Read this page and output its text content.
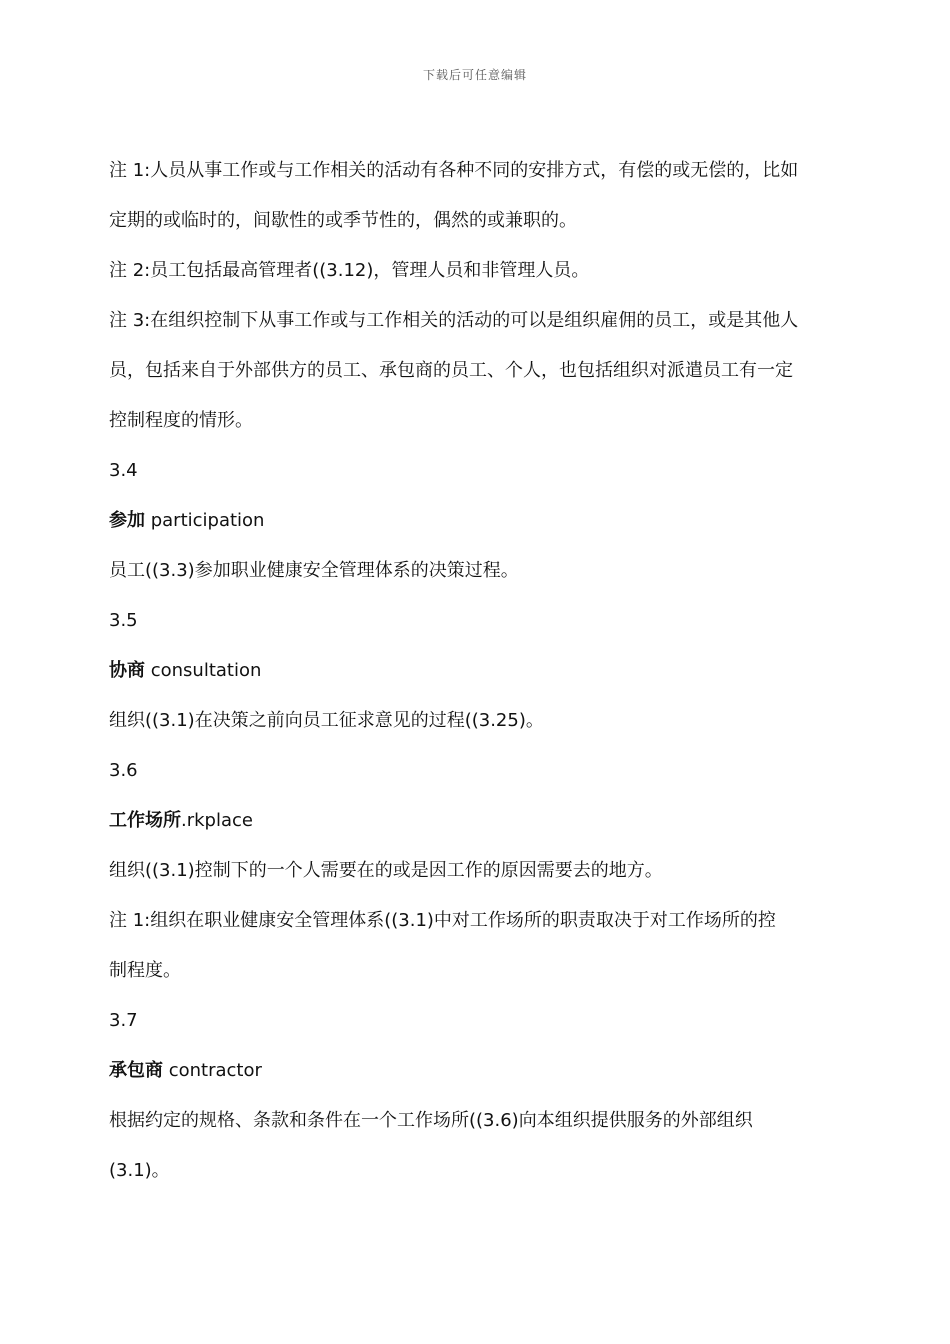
下载后可任意编辑
注 1:人员从事工作或与工作相关的活动有各种不同的安排方式，有偿的或无偿的，比如
定期的或临时的，间歇性的或季节性的，偶然的或兼职的。
注 2:员工包括最高管理者((3.12)，管理人员和非管理人员。
注 3:在组织控制下从事工作或与工作相关的活动的可以是组织雇佣的员工，或是其他人
员，包括来自于外部供方的员工、承包商的员工、个人，也包括组织对派遣员工有一定
控制程度的情形。
3.4
参加 participation
员工((3.3)参加职业健康安全管理体系的决策过程。
3.5
协商 consultation
组织((3.1)在决策之前向员工征求意见的过程((3.25)。
3.6
工作场所.rkplace
组织((3.1)控制下的一个人需要在的或是因工作的原因需要去的地方。
注 1:组织在职业健康安全管理体系((3.1)中对工作场所的职责取决于对工作场所的控
制程度。
3.7
承包商 contractor
根据约定的规格、条款和条件在一个工作场所((3.6)向本组织提供服务的外部组织
(3.1)。
